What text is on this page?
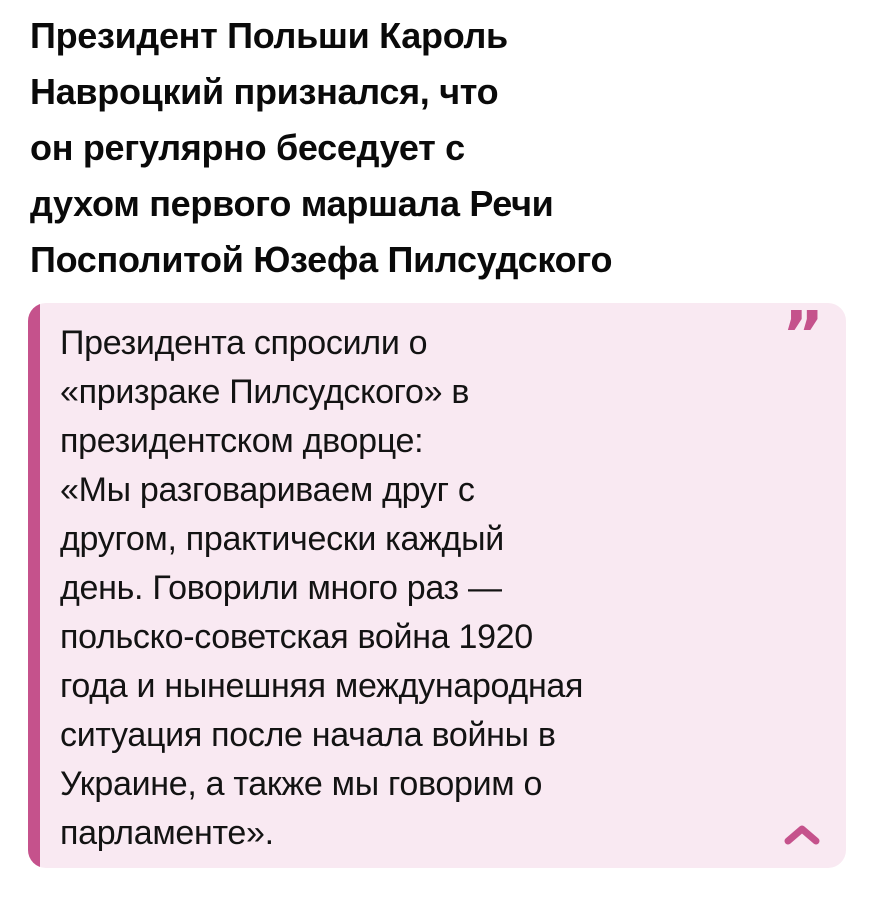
Президент Польши Кароль
Навроцкий признался, что
он регулярно беседует с
духом первого маршала Речи
Посполитой Юзефа Пилсудского
”
Президента спросили о
«призраке Пилсудского» в
президентском дворце:
«Мы разговариваем друг с
другом, практически каждый
день. Говорили много раз —
польско-советская война 1920
года и нынешняя международная
ситуация после начала войны в
Украине, а также мы говорим о
парламенте».
